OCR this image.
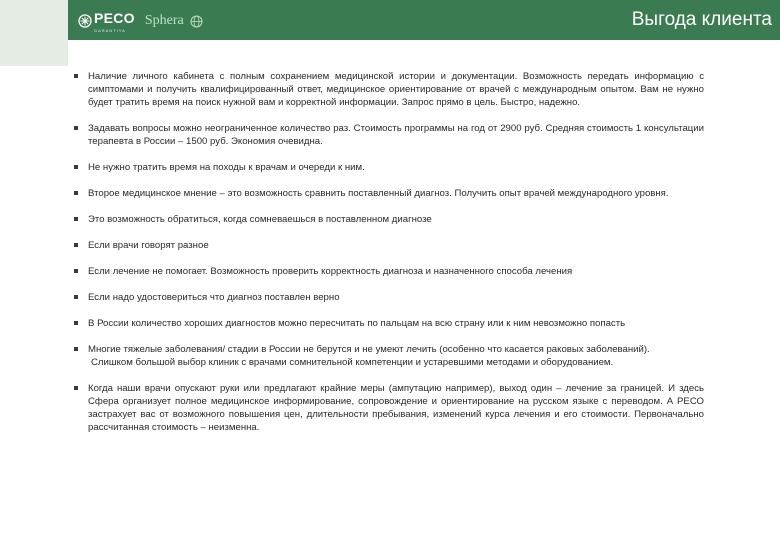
PECO
GARANTIYA
Sphera	Выгода клиента
Наличие личного кабинета с полным сохранением медицинской истории и документации. Возможность передать информацию с симптомами и получить квалифицированный ответ, медицинское ориентирование от врачей с международным опытом. Вам не нужно будет тратить время на поиск нужной вам и корректной информации. Запрос прямо в цель. Быстро, надежно.
Задавать вопросы можно неограниченное количество раз. Стоимость программы на год от 2900 руб. Средняя стоимость 1 консультации терапевта в России – 1500 руб. Экономия очевидна.
Не нужно тратить время на походы к врачам и очереди к ним.
Второе медицинское мнение – это возможность сравнить поставленный диагноз. Получить опыт врачей международного уровня.
Это возможность обратиться, когда сомневаешься в поставленном диагнозе
Если врачи говорят разное
Если лечение не помогает. Возможность проверить корректность диагноза и назначенного способа лечения
Если надо удостовериться что диагноз поставлен верно
В России количество хороших диагностов можно пересчитать по пальцам на всю страну или к ним невозможно попасть
Многие тяжелые заболевания/ стадии в России не берутся и не умеют лечить (особенно что касается раковых заболеваний).
Слишком большой выбор клиник с врачами сомнительной компетенции и устаревшими методами и оборудованием.
Когда наши врачи опускают руки или предлагают крайние меры (ампутацию например), выход один – лечение за границей. И здесь Сфера организует полное медицинское информирование, сопровождение и ориентирование на русском языке с переводом. А РЕСО застрахует вас от возможного повышения цен, длительности пребывания, изменений курса лечения и его стоимости. Первоначально рассчитанная стоимость – неизменна.
